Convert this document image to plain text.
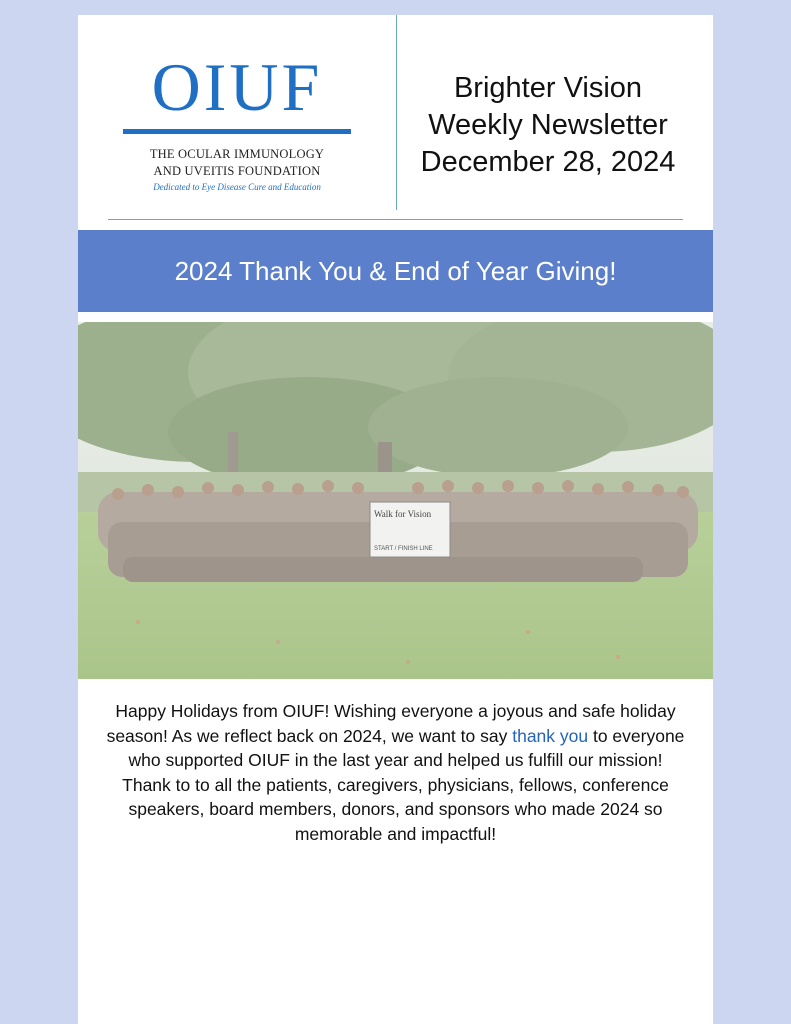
OIUF
THE OCULAR IMMUNOLOGY
AND UVEITIS FOUNDATION
Dedicated to Eye Disease Cure and Education
Brighter Vision
Weekly Newsletter
December 28, 2024
2024 Thank You & End of Year Giving!
Walk for Vision
START / FINISH LINE
Happy Holidays from OIUF! Wishing everyone a joyous and safe holiday season! As we reflect back on 2024, we want to say thank you to everyone who supported OIUF in the last year and helped us fulfill our mission! Thank to to all the patients, caregivers, physicians, fellows, conference speakers, board members, donors, and sponsors who made 2024 so memorable and impactful!
